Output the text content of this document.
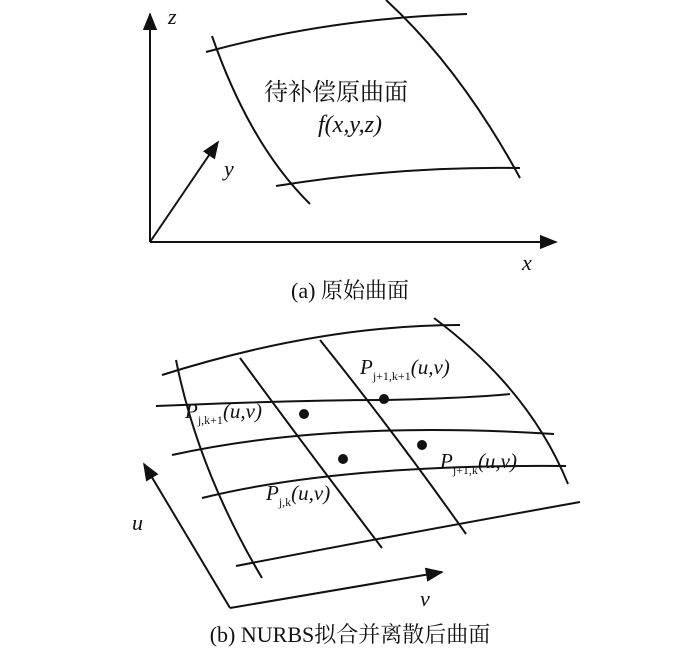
z
y
x
待补偿原曲面
f(x,y,z)
(a) 原始曲面
u
v
$P_{j,k+1}(u,v)$
$P_{j+1,k+1}(u,v)$
$P_{j,k}(u,v)$
$P_{j+1,k}(u,v)$
(b) NURBS拟合并离散后曲面
